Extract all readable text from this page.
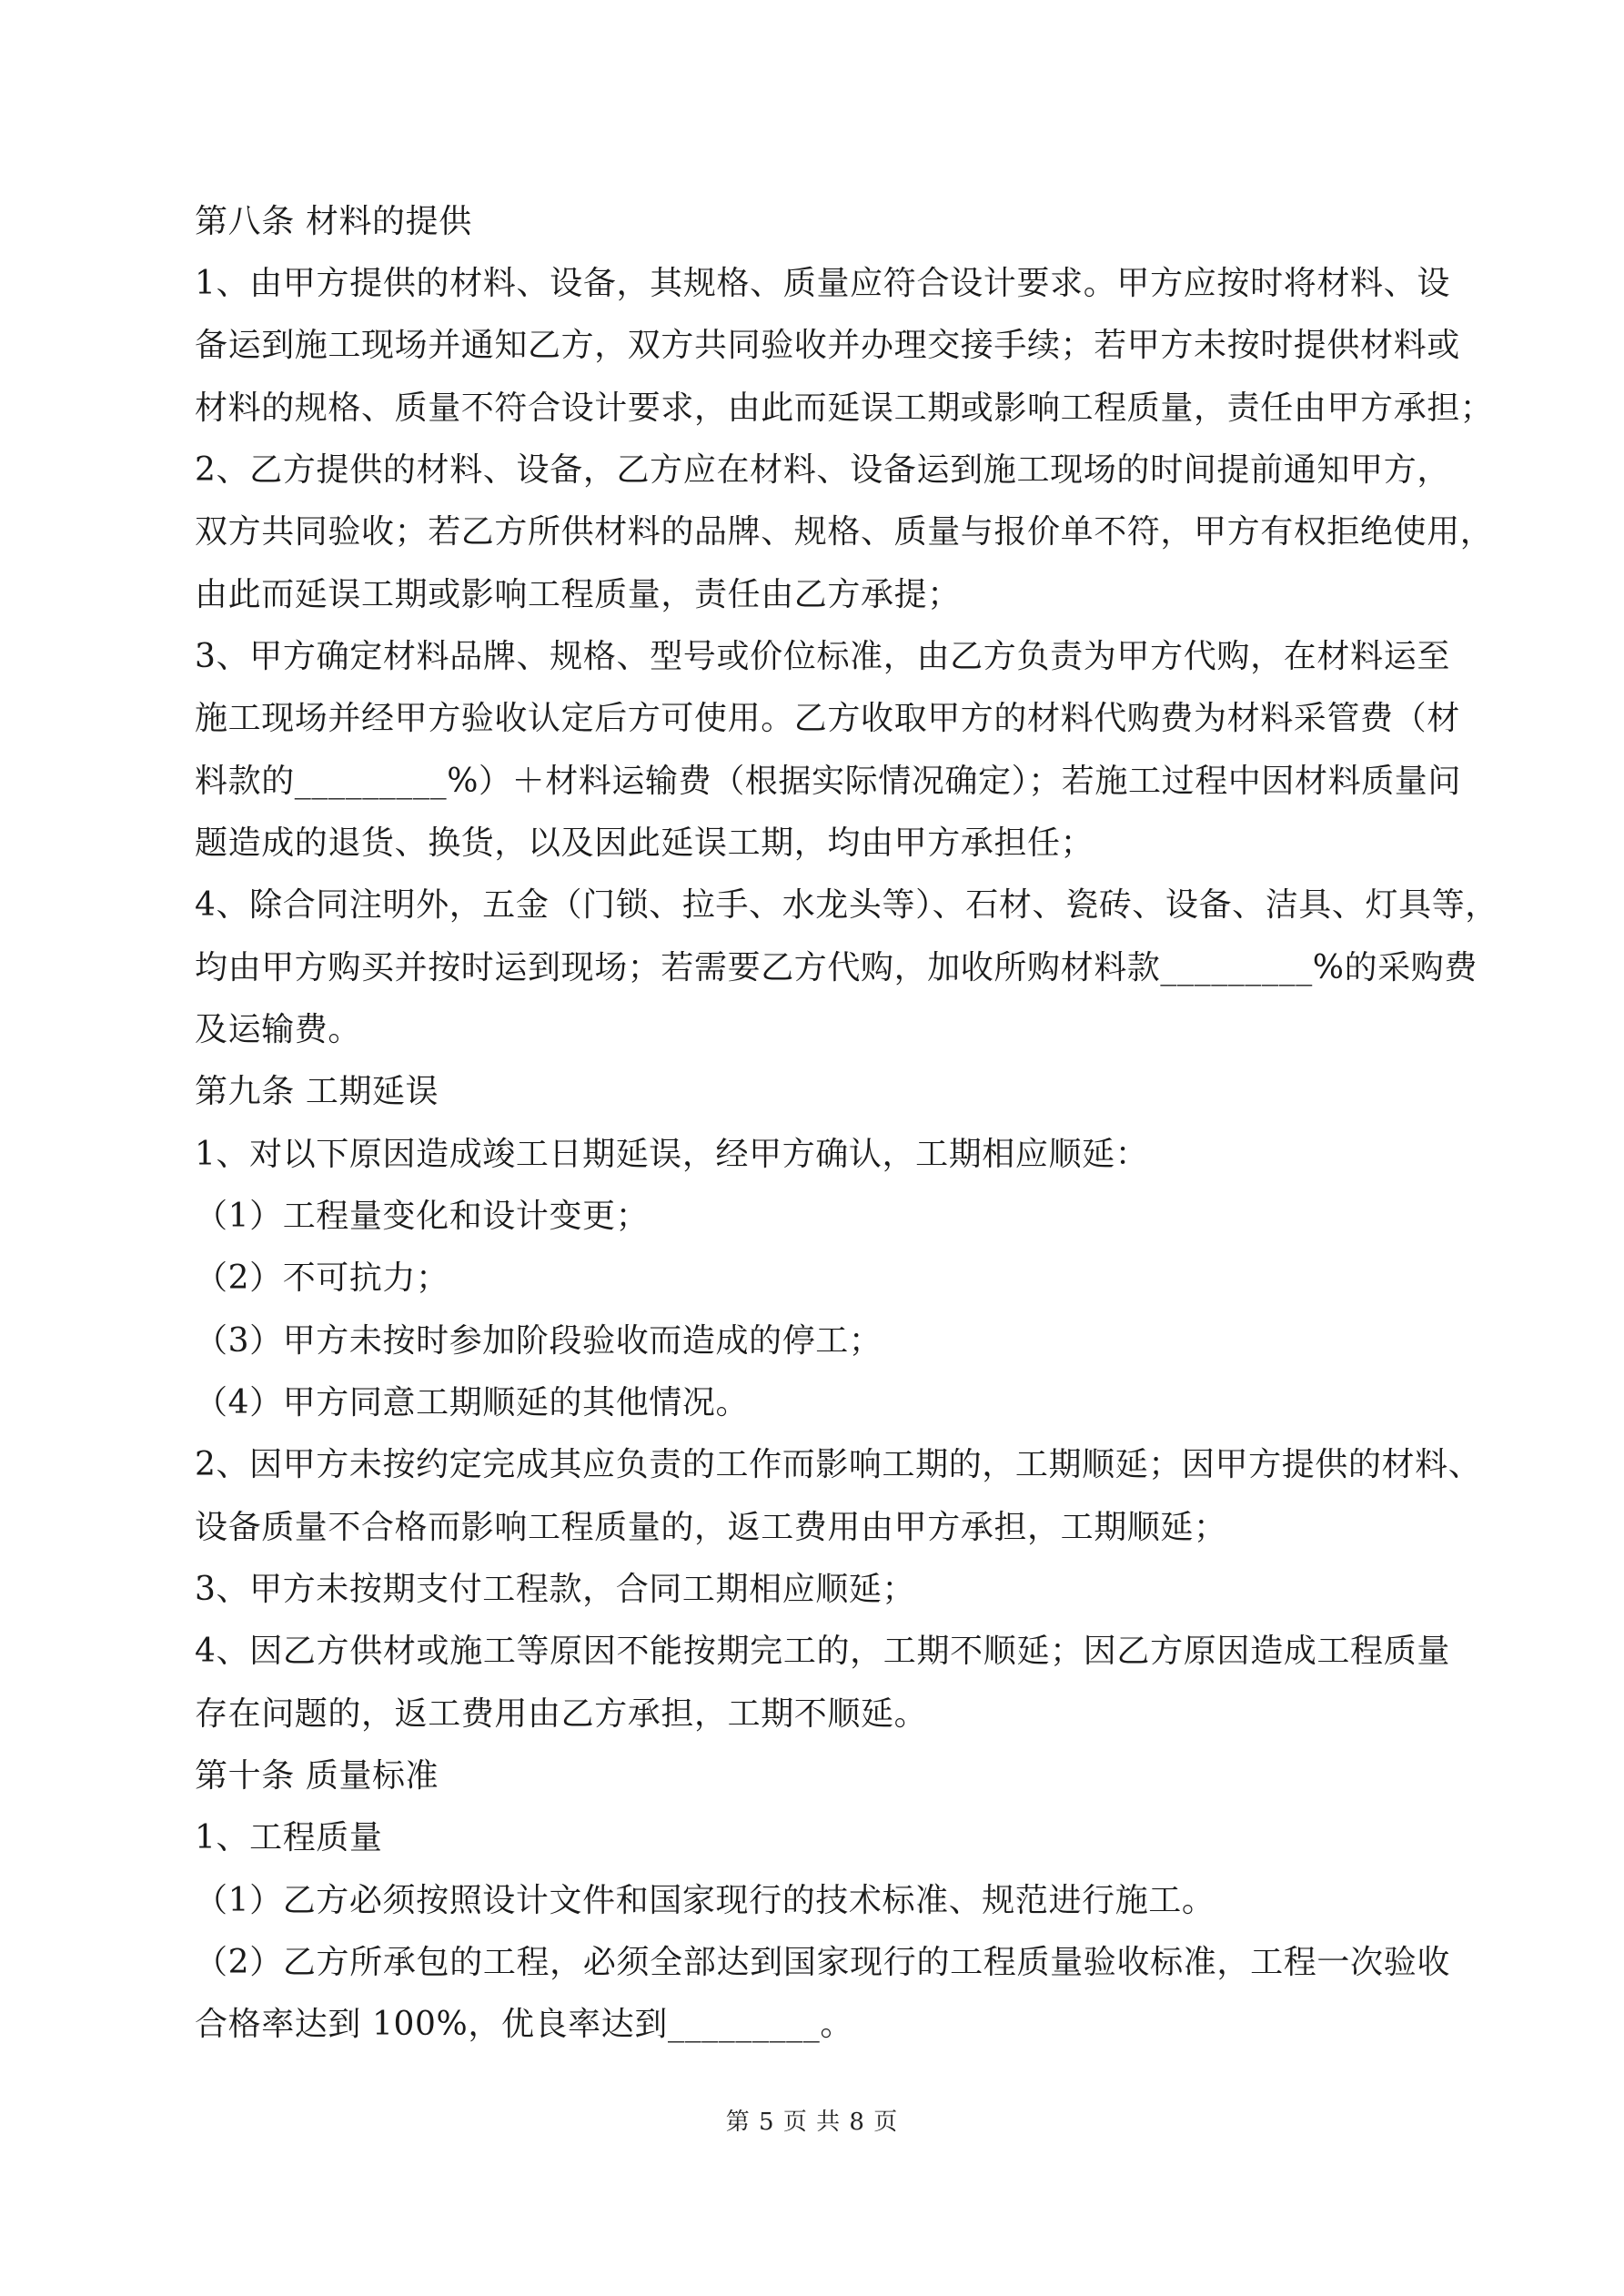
第八条 材料的提供
1、由甲方提供的材料、设备，其规格、质量应符合设计要求。甲方应按时将材料、设
备运到施工现场并通知乙方，双方共同验收并办理交接手续；若甲方未按时提供材料或
材料的规格、质量不符合设计要求，由此而延误工期或影响工程质量，责任由甲方承担；
2、乙方提供的材料、设备，乙方应在材料、设备运到施工现场的时间提前通知甲方，
双方共同验收；若乙方所供材料的品牌、规格、质量与报价单不符，甲方有权拒绝使用，
由此而延误工期或影响工程质量，责任由乙方承提；
3、甲方确定材料品牌、规格、型号或价位标准，由乙方负责为甲方代购，在材料运至
施工现场并经甲方验收认定后方可使用。乙方收取甲方的材料代购费为材料采管费（材
料款的_________%）＋材料运输费（根据实际情况确定）；若施工过程中因材料质量问
题造成的退货、换货，以及因此延误工期，均由甲方承担任；
4、除合同注明外，五金（门锁、拉手、水龙头等）、石材、瓷砖、设备、洁具、灯具等，
均由甲方购买并按时运到现场；若需要乙方代购，加收所购材料款_________%的采购费
及运输费。
第九条 工期延误
1、对以下原因造成竣工日期延误，经甲方确认，工期相应顺延：
（1）工程量变化和设计变更；
（2）不可抗力；
（3）甲方未按时参加阶段验收而造成的停工；
（4）甲方同意工期顺延的其他情况。
2、因甲方未按约定完成其应负责的工作而影响工期的，工期顺延；因甲方提供的材料、
设备质量不合格而影响工程质量的，返工费用由甲方承担，工期顺延；
3、甲方未按期支付工程款，合同工期相应顺延；
4、因乙方供材或施工等原因不能按期完工的，工期不顺延；因乙方原因造成工程质量
存在问题的，返工费用由乙方承担，工期不顺延。
第十条 质量标准
1、工程质量
（1）乙方必须按照设计文件和国家现行的技术标准、规范进行施工。
（2）乙方所承包的工程，必须全部达到国家现行的工程质量验收标准，工程一次验收
合格率达到 100%，优良率达到_________。
第 5 页 共 8 页
